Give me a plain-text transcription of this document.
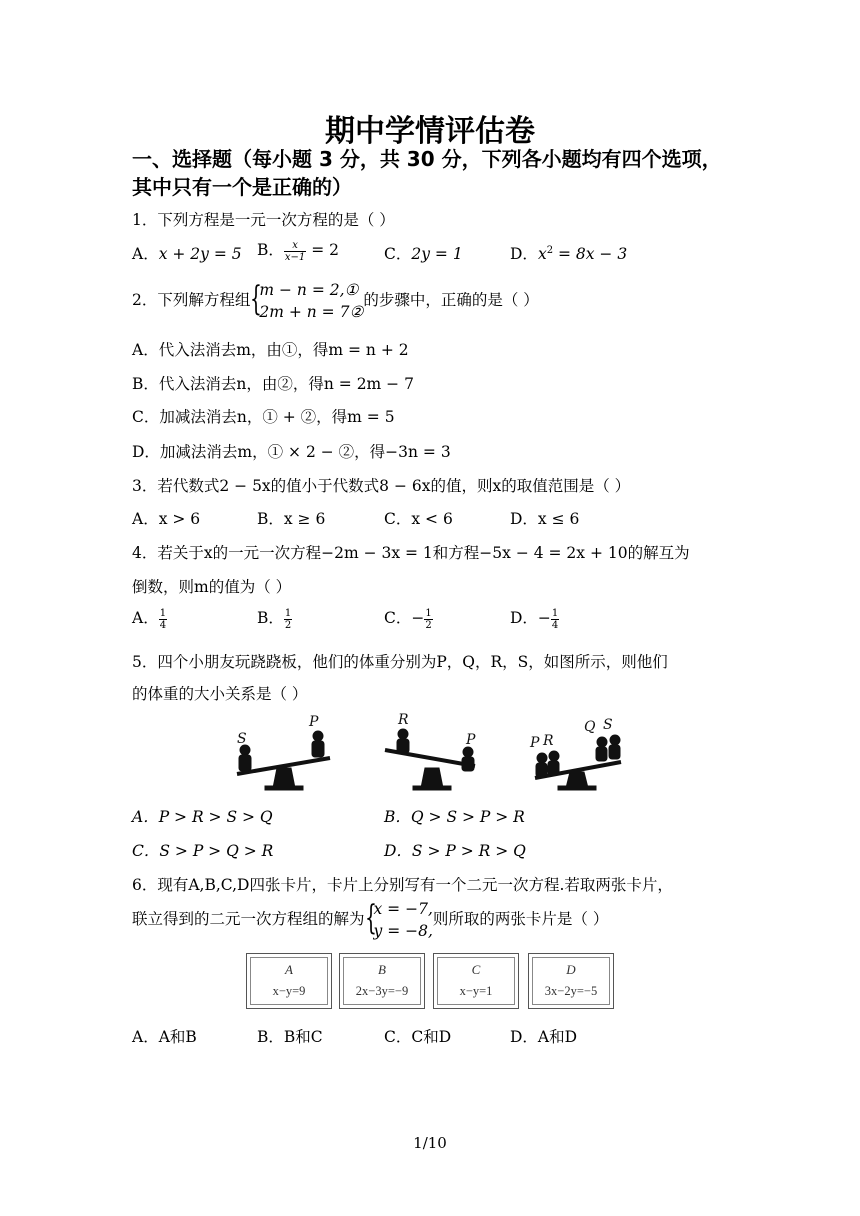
期中学情评估卷
一、选择题（每小题 3 分，共 30 分，下列各小题均有四个选项，其中只有一个是正确的）
1．下列方程是一元一次方程的是（ ）
A．x + 2y = 5 B． $\frac{x}{x-1} = 2$	C．2y = 1	D．$x^2 = 8x - 3$
2．下列解方程组 {
m − n = 2,①
2m + n = 7②
的步骤中，正确的是（ ）
A．代入法消去m，由①，得m = n + 2
B．代入法消去n，由②，得n = 2m − 7
C．加减法消去n，① + ②，得m = 5
D．加减法消去m，① × 2 − ②，得−3n = 3
3．若代数式2 − 5x的值小于代数式8 − 6x的值，则x的取值范围是（ ）
A．x > 6	B．x ≥ 6	C．x < 6	D．x ≤ 6
4．若关于x的一元一次方程−2m − 3x = 1和方程−5x − 4 = 2x + 10的解互为
倒数，则m的值为（ ）
A． $\frac{1}{4}$	B． $\frac{1}{2}$	C．− $\frac{1}{2}$	D．− $\frac{1}{4}$
5．四个小朋友玩跷跷板，他们的体重分别为P，Q，R，S，如图所示，则他们
的体重的大小关系是（ ）
S
P	R
P	P R
Q S
A．P > R > S > Q	B．Q > S > P > R
C．S > P > Q > R	D．S > P > R > Q
6．现有A,B,C,D四张卡片，卡片上分别写有一个二元一次方程.若取两张卡片，
联立得到的二元一次方程组的解为 {
x = −7,
y = −8,
则所取的两张卡片是（ ）
A
x−y=9
B
2x−3y=−9
C
x−y=1
D
3x−2y=−5
A．A和B	B．B和C	C．C和D	D．A和D
1/10
